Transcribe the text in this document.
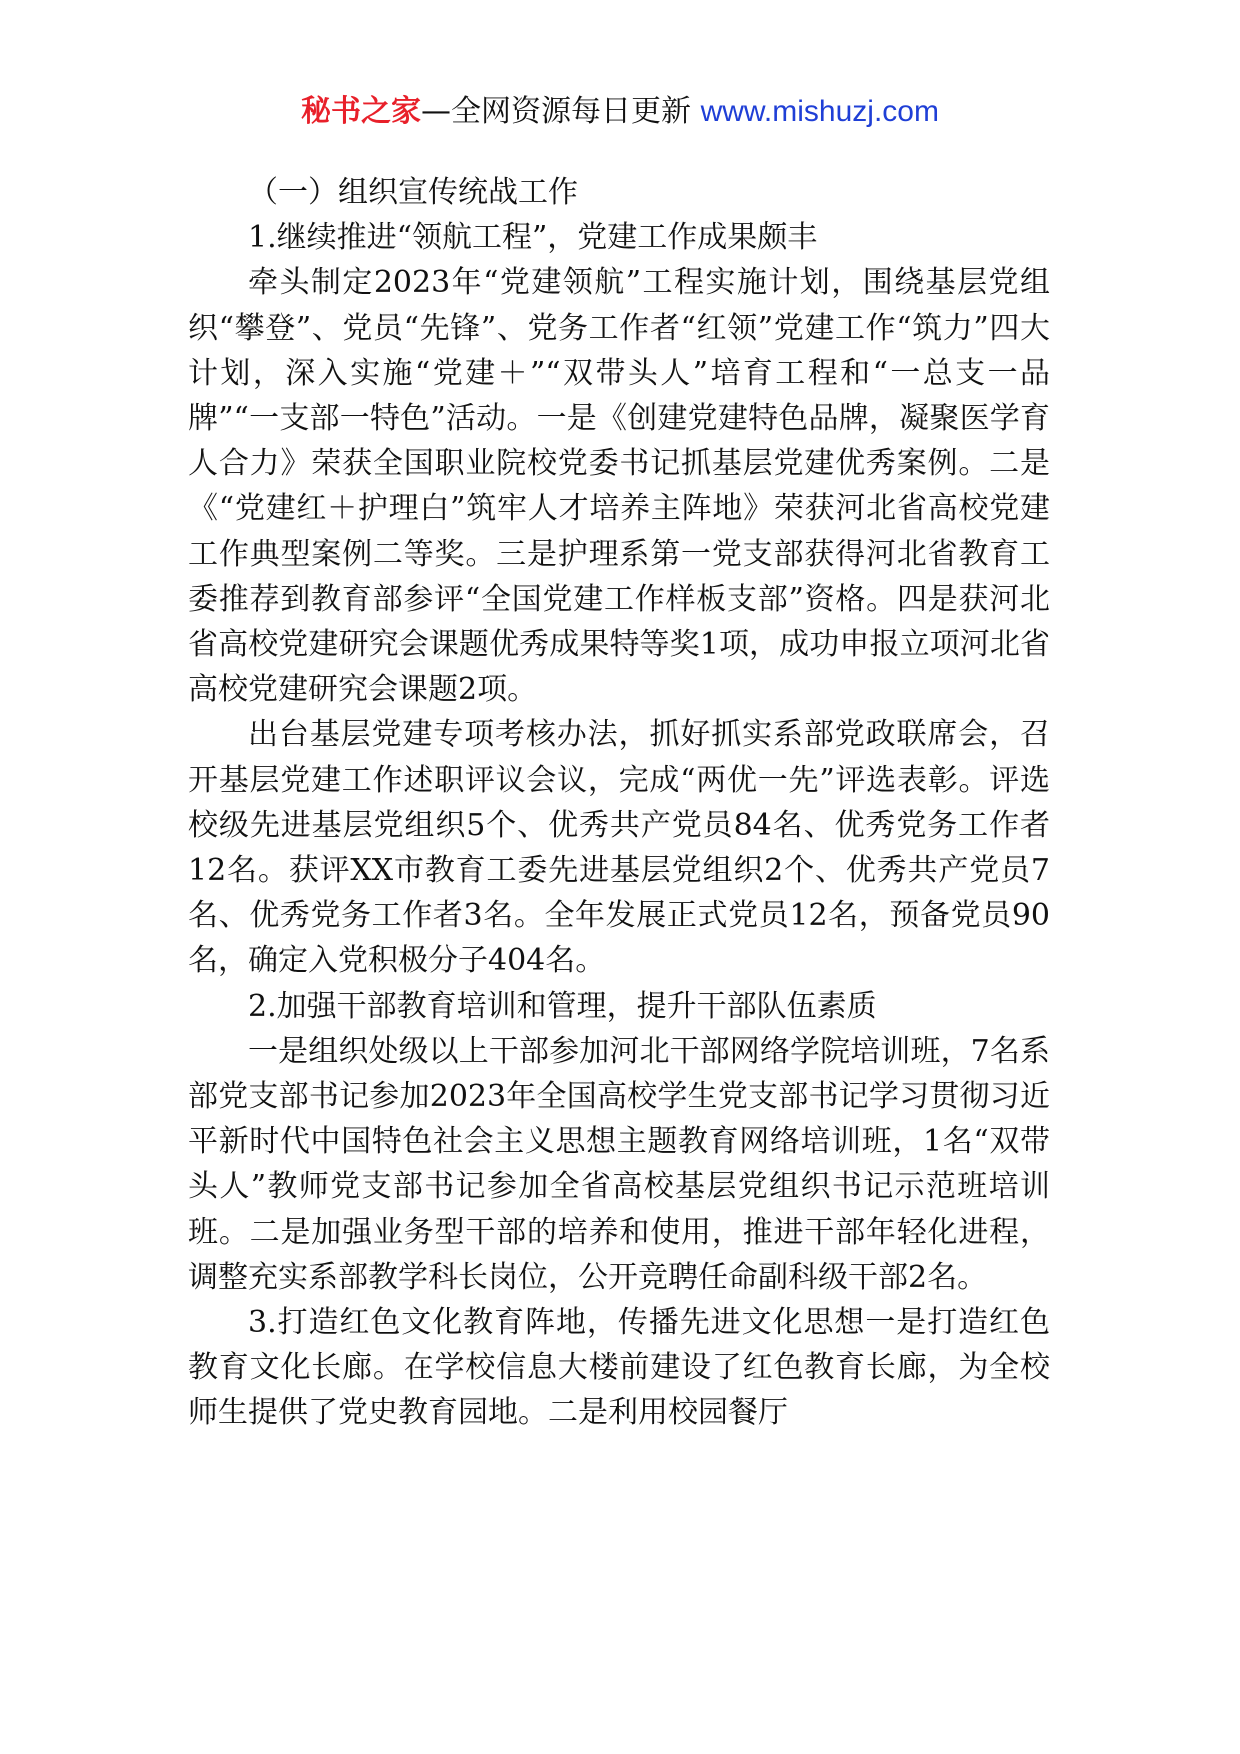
秘书之家—全网资源每日更新 www.mishuzj.com

（一）组织宣传统战工作

1.继续推进“领航工程”，党建工作成果颇丰

牵头制定2023年“党建领航”工程实施计划，围绕基层党组织“攀登”、党员“先锋”、党务工作者“红领”党建工作“筑力”四大计划，深入实施“党建＋”“双带头人”培育工程和“一总支一品牌”“一支部一特色”活动。一是《创建党建特色品牌，凝聚医学育人合力》荣获全国职业院校党委书记抓基层党建优秀案例。二是《“党建红＋护理白”筑牢人才培养主阵地》荣获河北省高校党建工作典型案例二等奖。三是护理系第一党支部获得河北省教育工委推荐到教育部参评“全国党建工作样板支部”资格。四是获河北省高校党建研究会课题优秀成果特等奖1项，成功申报立项河北省高校党建研究会课题2项。

出台基层党建专项考核办法，抓好抓实系部党政联席会，召开基层党建工作述职评议会议，完成“两优一先”评选表彰。评选校级先进基层党组织5个、优秀共产党员84名、优秀党务工作者12名。获评XX市教育工委先进基层党组织2个、优秀共产党员7名、优秀党务工作者3名。全年发展正式党员12名，预备党员90名，确定入党积极分子404名。

2.加强干部教育培训和管理，提升干部队伍素质

一是组织处级以上干部参加河北干部网络学院培训班，7名系部党支部书记参加2023年全国高校学生党支部书记学习贯彻习近平新时代中国特色社会主义思想主题教育网络培训班，1名“双带头人”教师党支部书记参加全省高校基层党组织书记示范班培训班。二是加强业务型干部的培养和使用，推进干部年轻化进程，调整充实系部教学科长岗位，公开竞聘任命副科级干部2名。

3.打造红色文化教育阵地，传播先进文化思想一是打造红色教育文化长廊。在学校信息大楼前建设了红色教育长廊，为全校师生提供了党史教育园地。二是利用校园餐厅
